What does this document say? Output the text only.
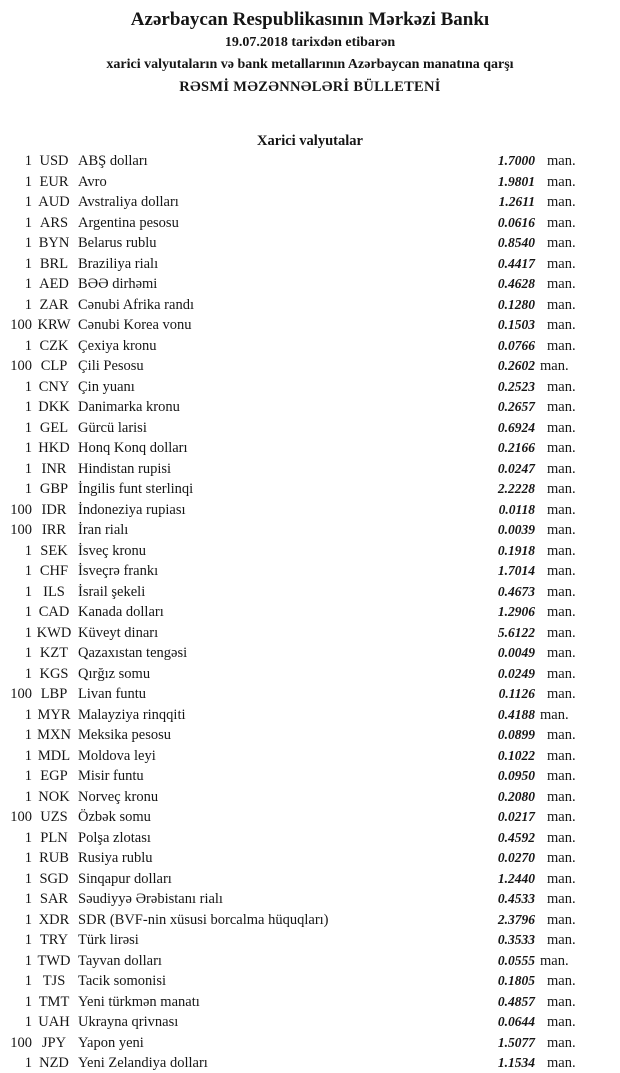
Azərbaycan Respublikasının Mərkəzi Bankı
19.07.2018 tarixdən etibarən
xarici valyutaların və bank metallarının Azərbaycan manatına qarşı
RƏSMİ MƏZƏNNƏLƏRİ BÜLLETENİ
Xarici valyutalar
1 USD ABŞ dolları	1.7000 man.
1 EUR Avro	1.9801 man.
1 AUD Avstraliya dolları	1.2611 man.
1 ARS Argentina pesosu	0.0616 man.
1 BYN Belarus rublu	0.8540 man.
1 BRL Braziliya rialı	0.4417 man.
1 AED BƏƏ dirhəmi	0.4628 man.
1 ZAR Cənubi Afrika randı	0.1280 man.
100 KRW Cənubi Korea vonu	0.1503 man.
1 CZK Çexiya kronu	0.0766 man.
100 CLP Çili Pesosu	0.2602 man.
1 CNY Çin yuanı	0.2523 man.
1 DKK Danimarka kronu	0.2657 man.
1 GEL Gürcü larisi	0.6924 man.
1 HKD Honq Konq dolları	0.2166 man.
1 INR Hindistan rupisi	0.0247 man.
1 GBP İngilis funt sterlinqi	2.2228 man.
100 IDR İndoneziya rupiası	0.0118 man.
100 IRR İran rialı	0.0039 man.
1 SEK İsveç kronu	0.1918 man.
1 CHF İsveçrə frankı	1.7014 man.
1 ILS İsrail şekeli	0.4673 man.
1 CAD Kanada dolları	1.2906 man.
1 KWD Küveyt dinarı	5.6122 man.
1 KZT Qazaxıstan tengəsi	0.0049 man.
1 KGS Qırğız somu	0.0249 man.
100 LBP Livan funtu	0.1126 man.
1 MYR Malayziya rinqqiti	0.4188 man.
1 MXN Meksika pesosu	0.0899 man.
1 MDL Moldova leyi	0.1022 man.
1 EGP Misir funtu	0.0950 man.
1 NOK Norveç kronu	0.2080 man.
100 UZS Özbək somu	0.0217 man.
1 PLN Polşa zlotası	0.4592 man.
1 RUB Rusiya rublu	0.0270 man.
1 SGD Sinqapur dolları	1.2440 man.
1 SAR Səudiyyə Ərəbistanı rialı	0.4533 man.
1 XDR SDR (BVF-nin xüsusi borcalma hüquqları)	2.3796 man.
1 TRY Türk lirəsi	0.3533 man.
1 TWD Tayvan dolları	0.0555 man.
1 TJS Tacik somonisi	0.1805 man.
1 TMT Yeni türkmən manatı	0.4857 man.
1 UAH Ukrayna qrivnası	0.0644 man.
100 JPY Yapon yeni	1.5077 man.
1 NZD Yeni Zelandiya dolları	1.1534 man.
